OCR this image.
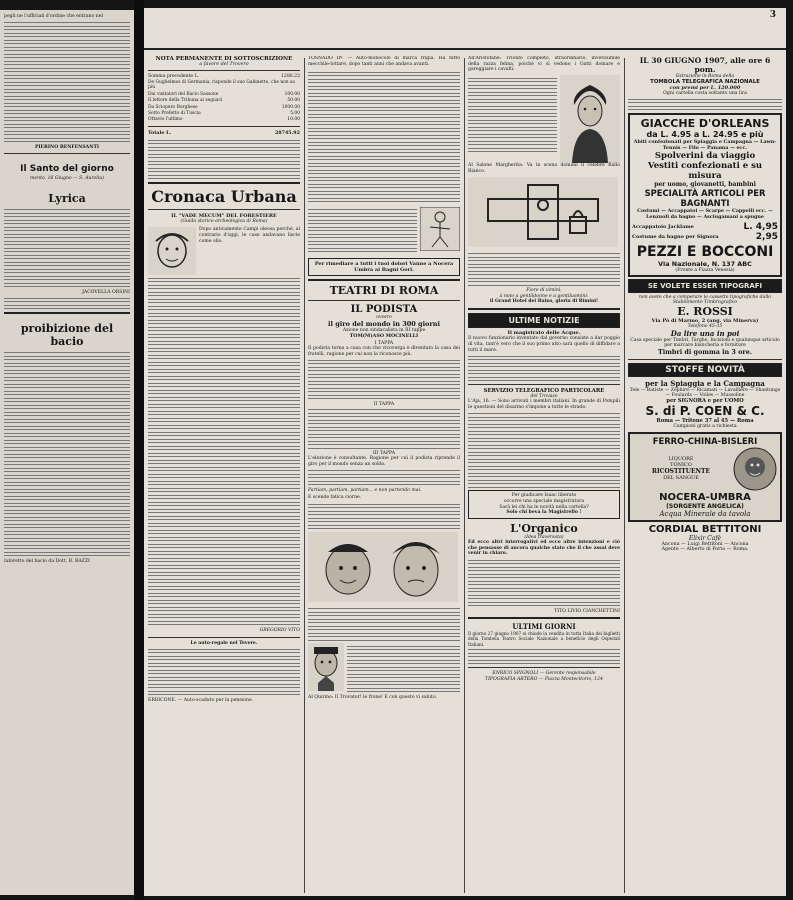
pegli ne l'ufficiali d'ordine che entrano nel

PIERINO BENFENSANTI

Il Santo del giorno

mento, 16 Giugno — S. Aureliu)

Lyrica

JACOVELLA ORSINI

proibizione del bacio

Iaforetto del bacio da Dott. R. BAZZI

3
NOTA PERMANENTE DI SOTTOSCRIZIONE
a favore del Trovero
Somma precedente L.	1286.22
De Guglielmos di Germania, risponde il suo Gabinetto, che non sa più
Dai visitatori del Bacio Sassone	100.00
Il lettore della Tribuna ai seguaci	50.00
Da Sciopero Borghese	1000.00
Sotto Prefetto di Tuscia	5.00
Ottavio l'ultimo	10.00
Totale L.	28745.92
Cronaca Urbana
IL "VADE MECUM" DEL FORESTIERE
(Guida storico-archeologica di Roma)

Dopo anticamente Campi oleosa perchè, al contrario d'oggi, le case andavano liscie come olio.

GREGORIO VITO

Le auto-regale nel Tevere.

ERRICONE. — Auto-scaduto per la pensione.

TOSNADO IIº. — Auto-monocolo di marca frigia. Ha fatto mecchile-lottare, dopo tanti anni che andava avanti.

Per rimediare a tutti i tuoi dolori Vanne a Nocera Umbra ai Bagni Gori.

TEATRI DI ROMA
IL PODISTA
ovvero
il giro del mondo in 300 giorni
Azione non sindacalista in III tappe
TOM(M)ASO MOCINELLI
I TAPPA

Il podista torna a casa con che vicoverga è diventato la casa dei fratelli, ragione per cui non la riconosce più.

II TAPPA
III TAPPA

L'elezione è consultante. Ragione per cui il podista riprende il giro per il mondo senza un soldo.

Partiam, partiam, partiam... e non partendo mai.

E scende fatica ciorne.

Al Quirino: Il Trovator! le frone! E con questo vi saluto.

All'Aristofane: Trionfo completo, straordinario, inverosimile della razza felina, poichè vi si vedono i Gatti domare e gareggiare i cavalli.

Al Salone Margherita: Va in scena domani il celebre Ballo Bianco.

Fiore di viminì,

à noto a gentildonne e a gentiluomini:

il Grand Hotel dei Bains, gloria di Rimini!

ULTIME NOTIZIE
Il magistrato delle Acque.

Il nuovo funzionario inventato dal governo consiste a dar poggio di vita, tant'è vero che il suo primo atto sarà quello di diffidare a tutti il mare.

SERVIZIO TELEGRAFICO PARTICOLARE
del Trovaso

L'Aja, 16. — Sono arrivati i membri italiani. In grande di Pompili le questioni del disarmo s'impone a tutte le strade.

Per giudicare Isaac liberato

occorre una speciale magistratura

Sarà lei chi ha le novità nella cartella?

Solo chi beva la Magistrello !

L'Organico
(Idea traversata)

Ed ecco altri interrogativi ed ecco altre intenzioni e ciò che pensasse di ancora qualche stato che il che assai deve venir in chiaro.

TITO LIVIO CIANCHETTINI

ULTIMI GIORNI

Il giorno 27 giugno 1907 si chiude la vendita in tutta Italia dei biglietti della Tombola Teatro Sociale Nazionale a beneficio degli Ospedali Italiani.

ENRICO SPIGNOLI — Gerente responsabile

TIPOGRAFIA ARTERO — Piazza Montecitorio, 124

IL 30 GIUGNO 1907, alle ore 6 pom.
Estrazione in Roma della
TOMBOLA TELEGRAFICA NAZIONALE
con premi per L. 120.000
Ogni cartella costa soltanto una lira
GIACCHE D'ORLEANS
da L. 4.95 a L. 24.95 e più
Abiti confezionati per Spiaggia e Campagna — Lawn-Tennis — Filo — Panama — ecc.
Spolverini da viaggio
Vestiti confezionati e su misura
per uomo, giovanetti, bambini
SPECIALITÀ ARTICOLI PER BAGNANTI
Costumi — Accappatoi — Scarpe — Cappelli ecc. — Lenzuoli da bagno — Asciugamani a spugne
Accappatoio Jacklame	L. 4,95
Costume da bagno per Signora	2,95
PEZZI E BOCCONI
Via Nazionale, N. 137 ABC
(Fronte a Piazza Venezia)
SE VOLETE ESSER TIPOGRAFI
non avete che a comperare le cassette tipografiche dallo Stabilimento Timbrografico
E. ROSSI
Via Pò di Marmo, 2 (ang. via Minerva)
Telefono 45-35
Da lire una in poi
Casa speciale per Timbri, Targhe, Incisioni e qualunque articolo per marcare biancheria e forniture
Timbri di gomma in 3 ore.
STOFFE NOVITÀ
per la Spiaggia e la Campagna
Tele — Batiste — Zephire — Ricamati — Lavallière — Shantungs — Foulards — Voiles — Mussoline
per SIGNORA e per UOMO
S. di P. COEN & C.
Roma — Tritone 37 al 45 — Roma
Campioni gratis a richiesta
FERRO-CHINA-BISLERI
LIQUORE
TONICO
RICOSTITUENTE
DEL SANGUE
NOCERA-UMBRA
(SORGENTE ANGELICA)
Acqua Minerale da tavola
CORDIAL BETTITONI
Elixir Cafè
Ancona — Luigi Bettitoni — Ancona
Agente — Alberto di Porto — Roma.
